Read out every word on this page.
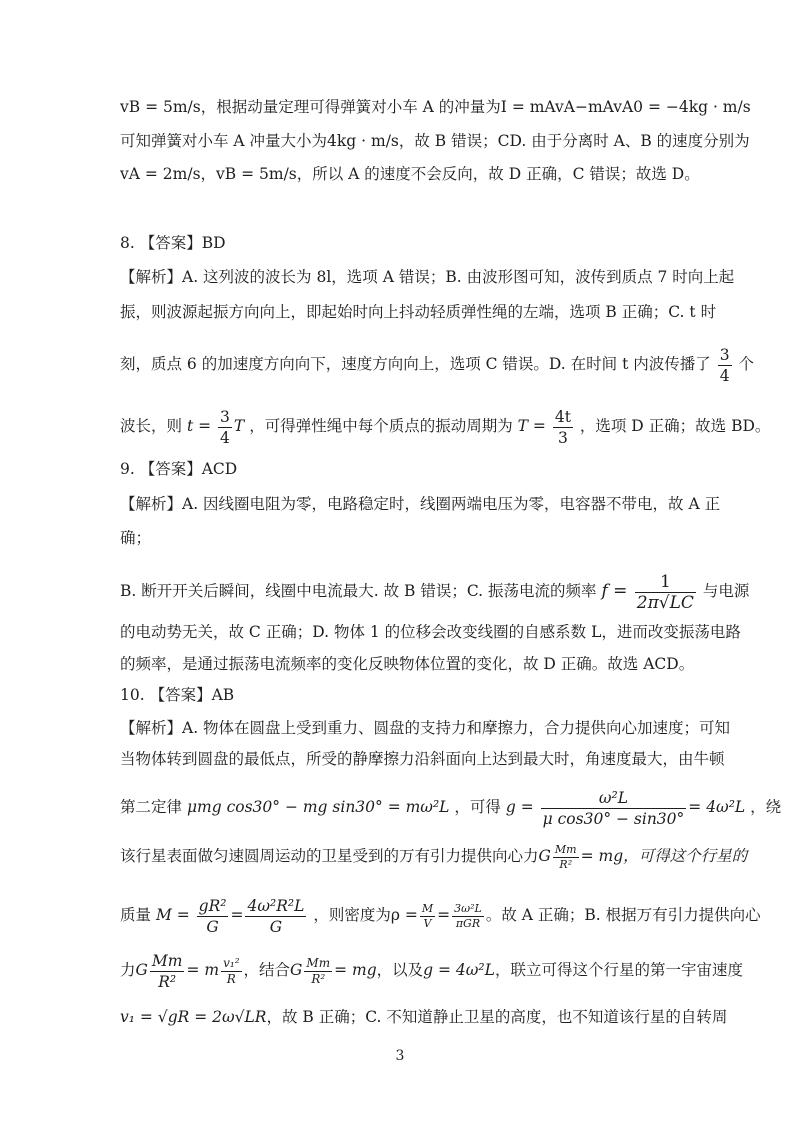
vB = 5m/s，根据动量定理可得弹簧对小车 A 的冲量为I = mAvA−mAvA0 = −4kg · m/s
可知弹簧对小车 A 冲量大小为4kg · m/s，故 B 错误；CD. 由于分离时 A、B 的速度分别为
vA = 2m/s，vB = 5m/s，所以 A 的速度不会反向，故 D 正确，C 错误；故选 D。
8. 【答案】BD
【解析】A. 这列波的波长为 8l，选项 A 错误；B. 由波形图可知，波传到质点 7 时向上起
振，则波源起振方向向上，即起始时向上抖动轻质弹性绳的左端，选项 B 正确；C. t 时
刻，质点 6 的加速度方向向下，速度方向向上，选项 C 错误。D. 在时间 t 内波传播了 $\frac{3}{4}$ 个
波长，则 $t = \frac{3}{4}$ T ，可得弹性绳中每个质点的振动周期为 $T = \frac{4t}{3}$ ，选项 D 正确；故选 BD。
9. 【答案】ACD
【解析】A. 因线圈电阻为零，电路稳定时，线圈两端电压为零，电容器不带电，故 A 正
确；
B. 断开开关后瞬间，线圈中电流最大. 故 B 错误；C. 振荡电流的频率 $f = \frac{1}{2\pi√LC}$ 与电源
的电动势无关，故 C 正确；D. 物体 1 的位移会改变线圈的自感系数 L，进而改变振荡电路
的频率，是通过振荡电流频率的变化反映物体位置的变化，故 D 正确。故选 ACD。
10. 【答案】AB
【解析】A. 物体在圆盘上受到重力、圆盘的支持力和摩擦力，合力提供向心加速度；可知
当物体转到圆盘的最低点，所受的静摩擦力沿斜面向上达到最大时，角速度最大，由牛顿
第二定律 μmg cos30° − mg sin30° = mω²L ，可得 $g = \frac{\text{ω²L}}{\text{μ cos30° − sin30°}} = 4\omega^2L$ ，绕
该行星表面做匀速圆周运动的卫星受到的万有引力提供向心力G $\frac{Mm}{\text{R²}}$ = mg，可得这个行星的
质量 $M = \frac{\text{gR²}}{G} = \frac{\text{4ω²R²L}}{G}$ ，则密度为$\rho = \frac{M}{V} = \frac{\text{3ω²L}}{\text{πGR}}$ 。故 A 正确；B. 根据万有引力提供向心
力G $\frac{Mm}{\text{R²}} = m \frac{\text{v₁²}}{R}$ ，结合G $\frac{Mm}{\text{R²}}$ = mg，以及g = 4ω²L，联立可得这个行星的第一宇宙速度
v₁ = √gR = 2ω√LR，故 B 正确；C. 不知道静止卫星的高度，也不知道该行星的自转周
3
